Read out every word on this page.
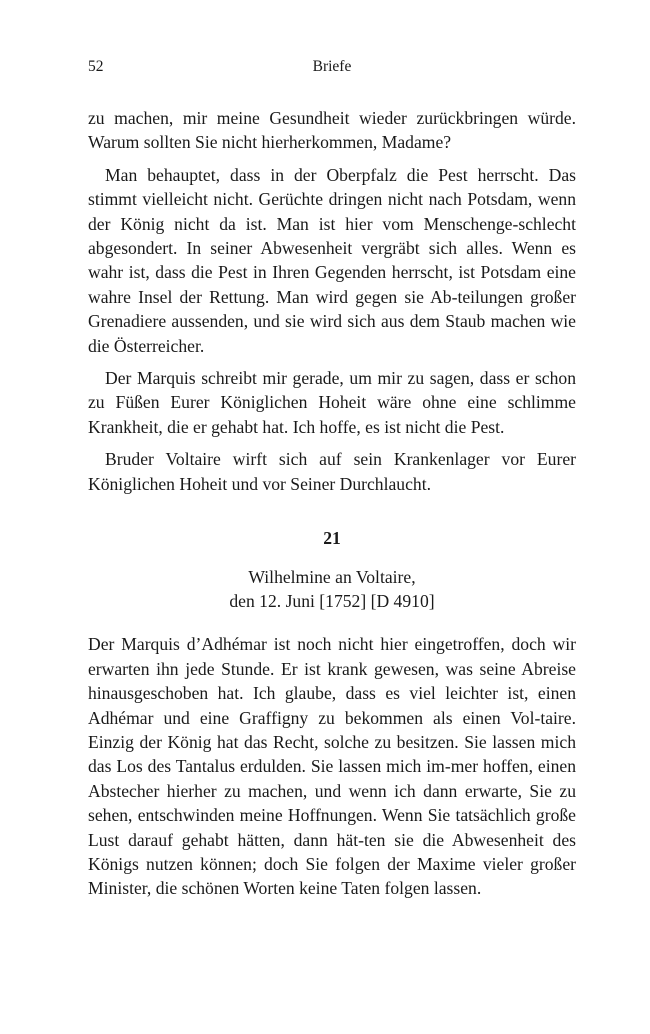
52	Briefe

zu machen, mir meine Gesundheit wieder zurückbringen würde. Warum sollten Sie nicht hierherkommen, Madame?

Man behauptet, dass in der Oberpfalz die Pest herrscht. Das stimmt vielleicht nicht. Gerüchte dringen nicht nach Potsdam, wenn der König nicht da ist. Man ist hier vom Menschenge-schlecht abgesondert. In seiner Abwesenheit vergräbt sich alles. Wenn es wahr ist, dass die Pest in Ihren Gegenden herrscht, ist Potsdam eine wahre Insel der Rettung. Man wird gegen sie Ab-teilungen großer Grenadiere aussenden, und sie wird sich aus dem Staub machen wie die Österreicher.

Der Marquis schreibt mir gerade, um mir zu sagen, dass er schon zu Füßen Eurer Königlichen Hoheit wäre ohne eine schlimme Krankheit, die er gehabt hat. Ich hoffe, es ist nicht die Pest.

Bruder Voltaire wirft sich auf sein Krankenlager vor Eurer Königlichen Hoheit und vor Seiner Durchlaucht.

21
Wilhelmine an Voltaire,
den 12. Juni [1752] [D 4910]

Der Marquis d’Adhémar ist noch nicht hier eingetroffen, doch wir erwarten ihn jede Stunde. Er ist krank gewesen, was seine Abreise hinausgeschoben hat. Ich glaube, dass es viel leichter ist, einen Adhémar und eine Graffigny zu bekommen als einen Vol-taire. Einzig der König hat das Recht, solche zu besitzen. Sie lassen mich das Los des Tantalus erdulden. Sie lassen mich im-mer hoffen, einen Abstecher hierher zu machen, und wenn ich dann erwarte, Sie zu sehen, entschwinden meine Hoffnungen. Wenn Sie tatsächlich große Lust darauf gehabt hätten, dann hät-ten sie die Abwesenheit des Königs nutzen können; doch Sie folgen der Maxime vieler großer Minister, die schönen Worten keine Taten folgen lassen.
